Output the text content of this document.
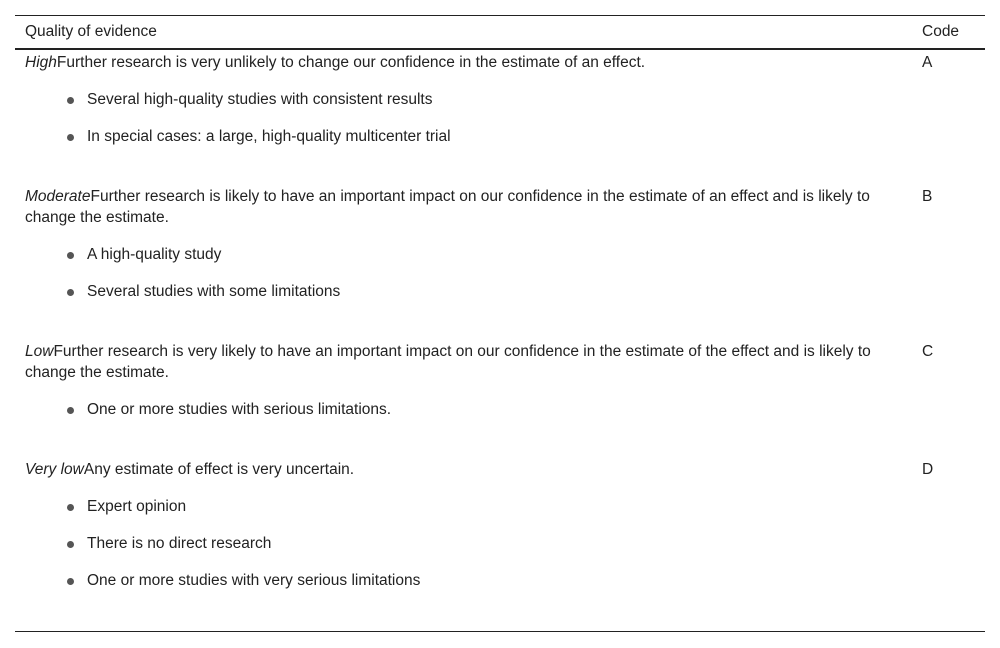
Quality of evidence	Code

HighFurther research is very unlikely to change our confidence in the estimate of an effect.

Several high-quality studies with consistent results
In special cases: a large, high-quality multicenter trial
A

ModerateFurther research is likely to have an important impact on our confidence in the estimate of an effect and is likely to change the estimate.

A high-quality study
Several studies with some limitations
B

LowFurther research is very likely to have an important impact on our confidence in the estimate of the effect and is likely to change the estimate.

One or more studies with serious limitations.
C

Very lowAny estimate of effect is very uncertain.

Expert opinion
There is no direct research
One or more studies with very serious limitations
D
